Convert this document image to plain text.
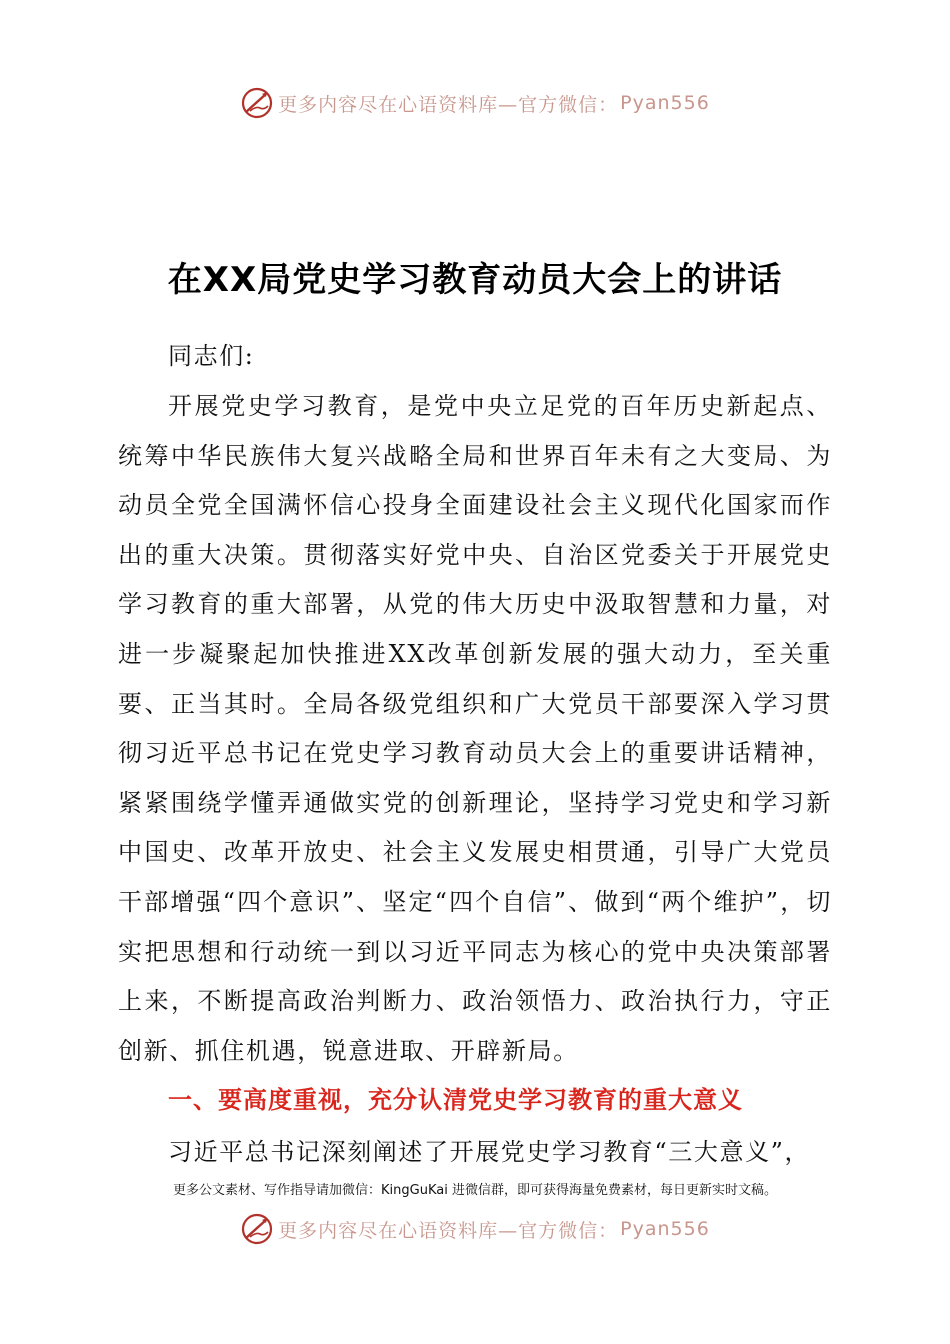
更多内容尽在心语资料库—官方微信： Pyan556
在XX局党史学习教育动员大会上的讲话
同志们:
开展党史学习教育，是党中央立足党的百年历史新起点、统筹中华民族伟大复兴战略全局和世界百年未有之大变局、为动员全党全国满怀信心投身全面建设社会主义现代化国家而作出的重大决策。贯彻落实好党中央、自治区党委关于开展党史学习教育的重大部署，从党的伟大历史中汲取智慧和力量，对进一步凝聚起加快推进XX改革创新发展的强大动力，至关重要、正当其时。全局各级党组织和广大党员干部要深入学习贯彻习近平总书记在党史学习教育动员大会上的重要讲话精神，紧紧围绕学懂弄通做实党的创新理论，坚持学习党史和学习新中国史、改革开放史、社会主义发展史相贯通，引导广大党员干部增强“四个意识”、坚定“四个自信”、做到“两个维护”，切实把思想和行动统一到以习近平同志为核心的党中央决策部署上来，不断提高政治判断力、政治领悟力、政治执行力，守正创新、抓住机遇，锐意进取、开辟新局。
一、要高度重视，充分认清党史学习教育的重大意义
习近平总书记深刻阐述了开展党史学习教育“三大意义”，
更多公文素材、写作指导请加微信：KingGuKai 进微信群，即可获得海量免费素材，每日更新实时文稿。
更多内容尽在心语资料库—官方微信： Pyan556
